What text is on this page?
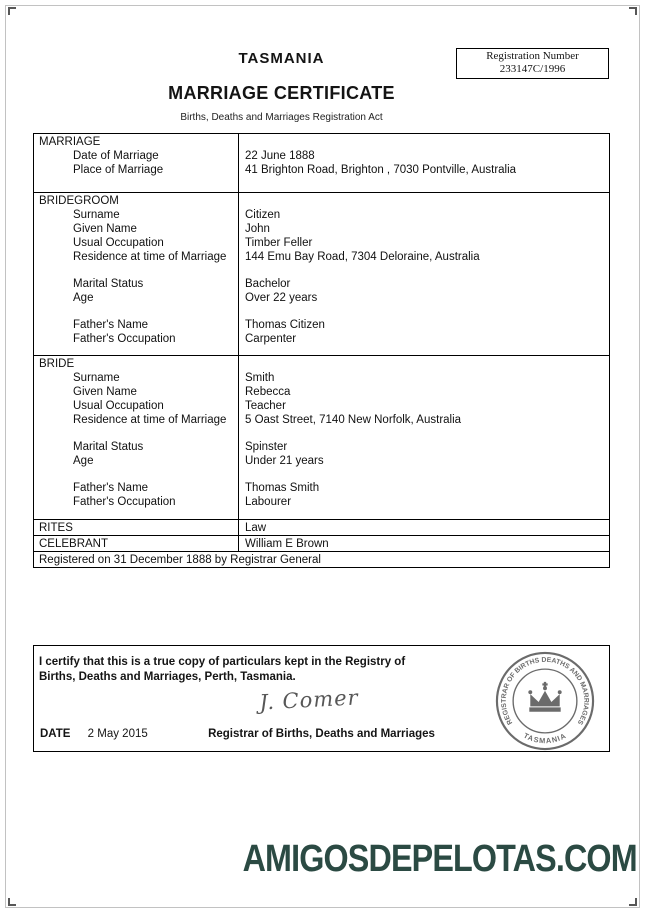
Registration Number
233147C/1996
TASMANIA
MARRIAGE CERTIFICATE
Births, Deaths and Marriages Registration Act
MARRIAGE	
Date of Marriage	22 June 1888
Place of Marriage	41 Brighton Road, Brighton , 7030 Pontville, Australia

BRIDEGROOM	
Surname	Citizen
Given Name	John
Usual Occupation	Timber Feller
Residence at time of Marriage	144 Emu Bay Road, 7304 Deloraine, Australia

Marital Status	Bachelor
Age	Over 22 years

Father's Name	Thomas Citizen
Father's Occupation	Carpenter

BRIDE	
Surname	Smith
Given Name	Rebecca
Usual Occupation	Teacher
Residence at time of Marriage	5 Oast Street, 7140 New Norfolk, Australia

Marital Status	Spinster
Age	Under 21 years

Father's Name	Thomas Smith
Father's Occupation	Labourer

RITES	Law
CELEBRANT	William E Brown
Registered on 31 December 1888 by Registrar General	
I certify that this is a true copy of particulars kept in the Registry of
Births, Deaths and Marriages, Perth, Tasmania.
J. Comer
DATE 2 May 2015	Registrar of Births, Deaths and Marriages
REGISTRAR OF BIRTHS DEATHS AND MARRIAGES
TASMANIA
AMIGOSDEPELOTAS.COM
